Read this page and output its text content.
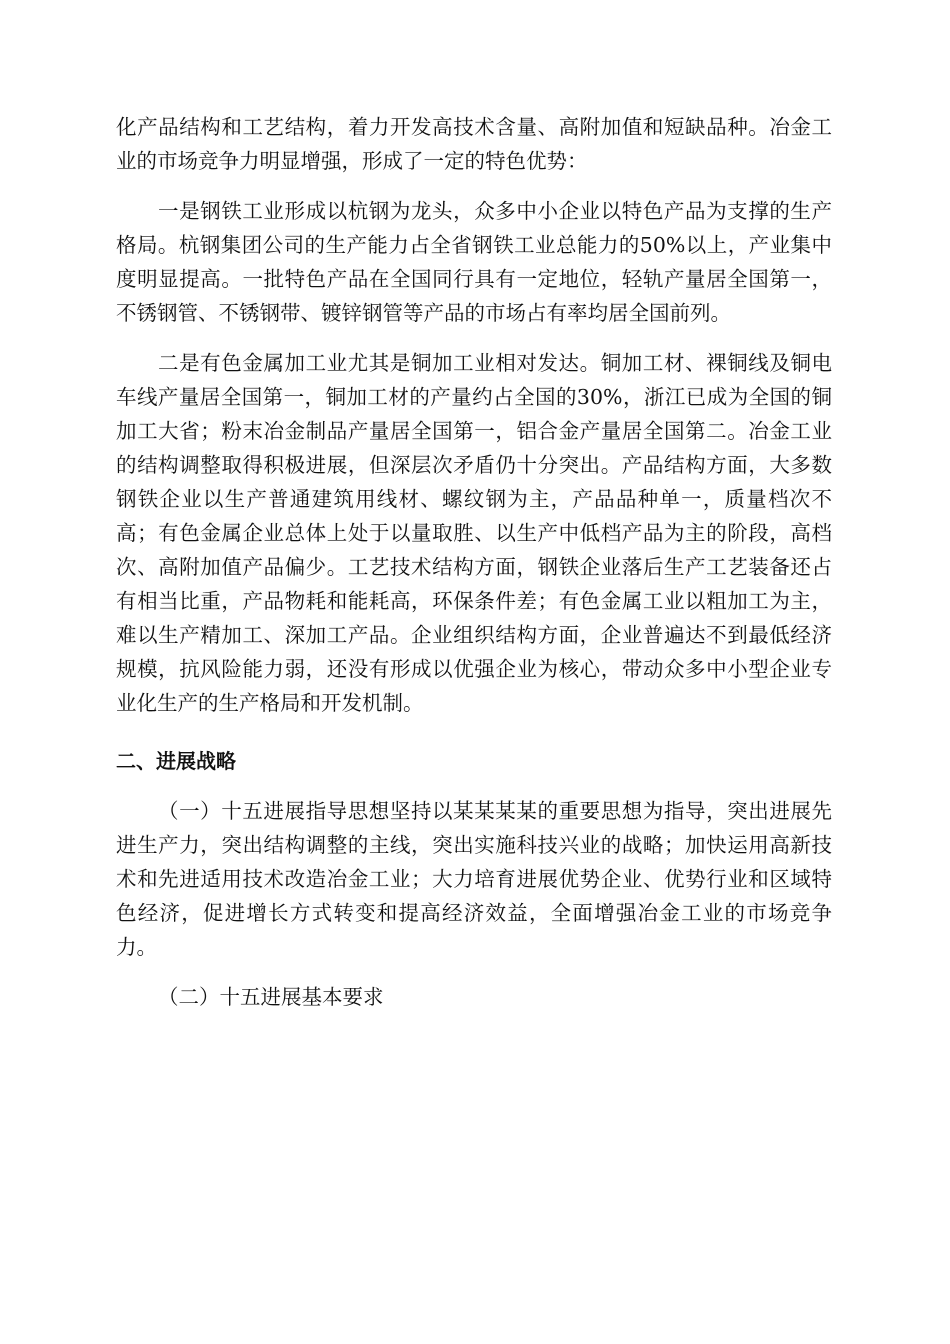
化产品结构和工艺结构，着力开发高技术含量、高附加值和短缺品种。冶金工业的市场竞争力明显增强，形成了一定的特色优势：

一是钢铁工业形成以杭钢为龙头，众多中小企业以特色产品为支撑的生产格局。杭钢集团公司的生产能力占全省钢铁工业总能力的50%以上，产业集中度明显提高。一批特色产品在全国同行具有一定地位，轻轨产量居全国第一，不锈钢管、不锈钢带、镀锌钢管等产品的市场占有率均居全国前列。

二是有色金属加工业尤其是铜加工业相对发达。铜加工材、裸铜线及铜电车线产量居全国第一，铜加工材的产量约占全国的30%，浙江已成为全国的铜加工大省；粉末冶金制品产量居全国第一，铝合金产量居全国第二。冶金工业的结构调整取得积极进展，但深层次矛盾仍十分突出。产品结构方面，大多数钢铁企业以生产普通建筑用线材、螺纹钢为主，产品品种单一，质量档次不高；有色金属企业总体上处于以量取胜、以生产中低档产品为主的阶段，高档次、高附加值产品偏少。工艺技术结构方面，钢铁企业落后生产工艺装备还占有相当比重，产品物耗和能耗高，环保条件差；有色金属工业以粗加工为主，难以生产精加工、深加工产品。企业组织结构方面，企业普遍达不到最低经济规模，抗风险能力弱，还没有形成以优强企业为核心，带动众多中小型企业专业化生产的生产格局和开发机制。

二、进展战略

（一）十五进展指导思想坚持以某某某某的重要思想为指导，突出进展先进生产力，突出结构调整的主线，突出实施科技兴业的战略；加快运用高新技术和先进适用技术改造冶金工业；大力培育进展优势企业、优势行业和区域特色经济，促进增长方式转变和提高经济效益，全面增强冶金工业的市场竞争力。

（二）十五进展基本要求
